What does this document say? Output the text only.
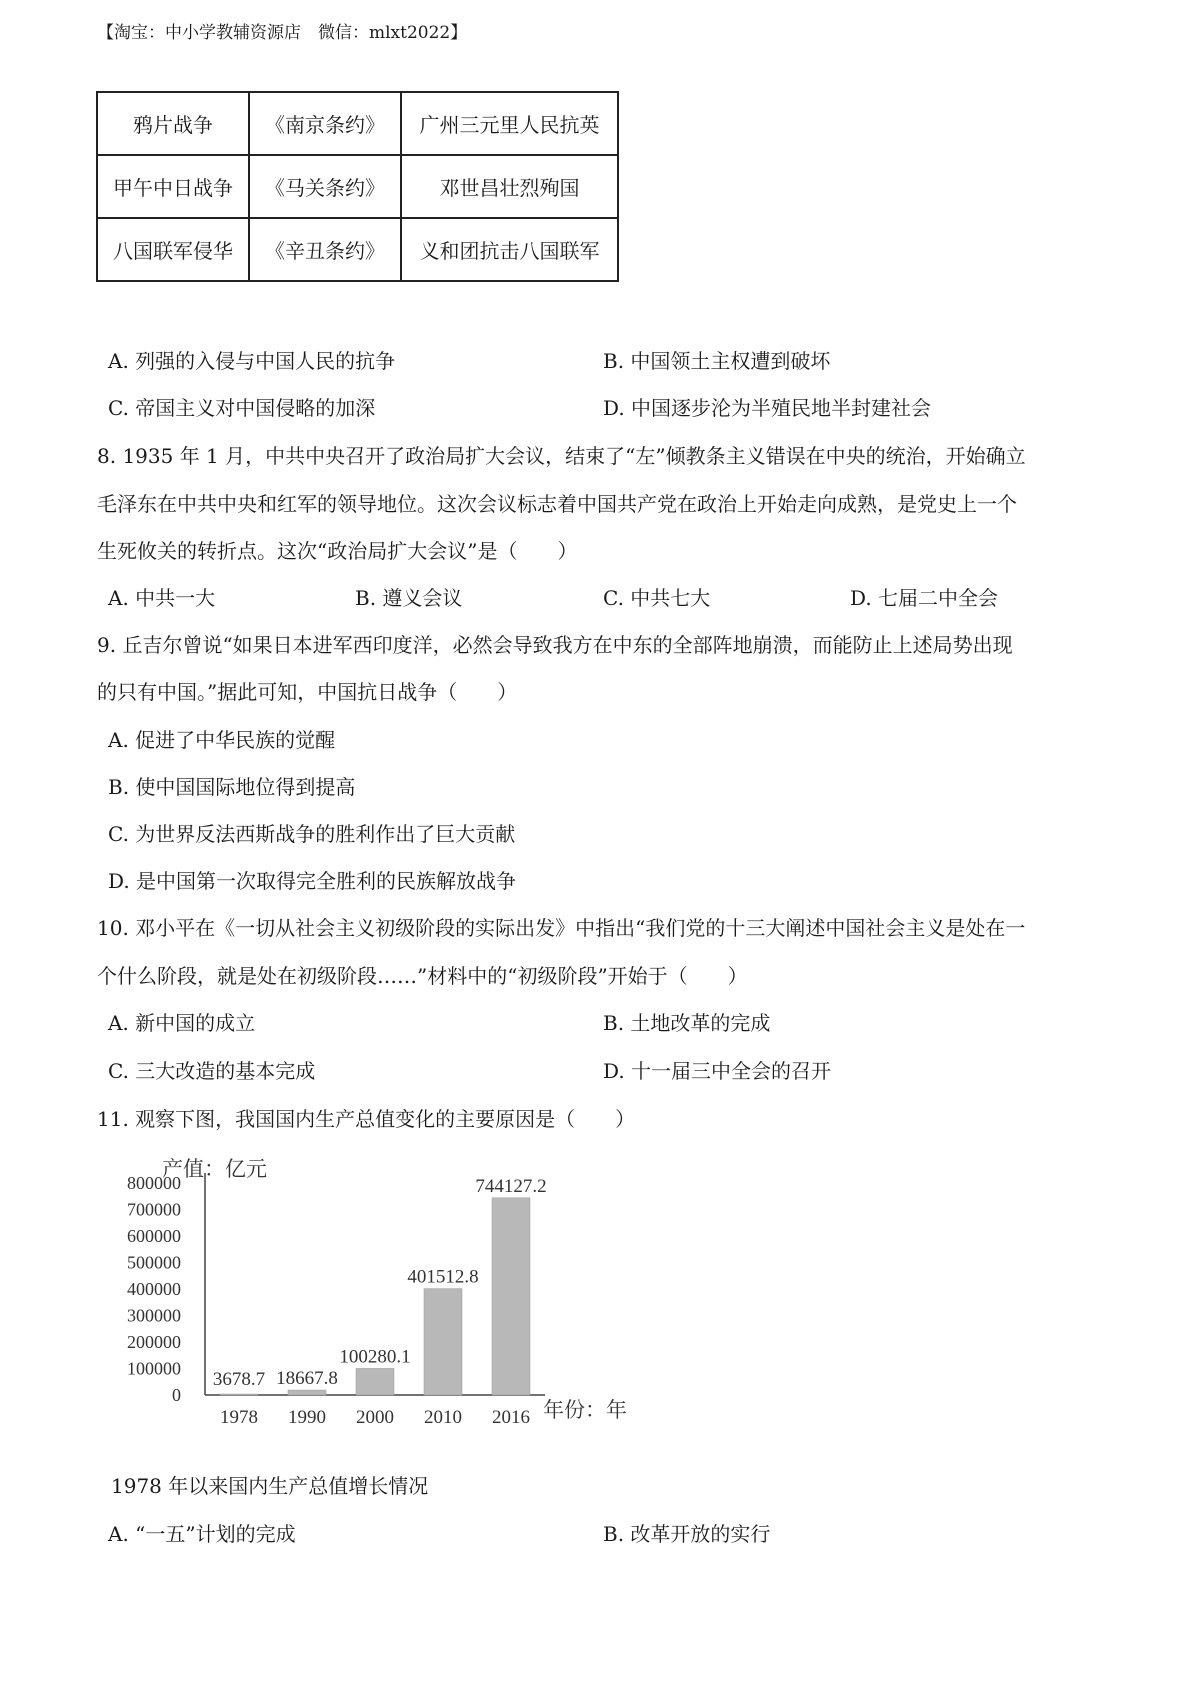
【淘宝：中小学教辅资源店　微信：mlxt2022】
鸦片战争	《南京条约》	广州三元里人民抗英
甲午中日战争	《马关条约》	邓世昌壮烈殉国
八国联军侵华	《辛丑条约》	义和团抗击八国联军
A. 列强的入侵与中国人民的抗争	B. 中国领土主权遭到破坏
C. 帝国主义对中国侵略的加深	D. 中国逐步沦为半殖民地半封建社会
8. 1935 年 1 月，中共中央召开了政治局扩大会议，结束了“左”倾教条主义错误在中央的统治，开始确立
毛泽东在中共中央和红军的领导地位。这次会议标志着中国共产党在政治上开始走向成熟，是党史上一个
生死攸关的转折点。这次“政治局扩大会议”是（　　）
A. 中共一大	B. 遵义会议	C. 中共七大	D. 七届二中全会
9. 丘吉尔曾说“如果日本进军西印度洋，必然会导致我方在中东的全部阵地崩溃，而能防止上述局势出现
的只有中国。”据此可知，中国抗日战争（　　）
A. 促进了中华民族的觉醒
B. 使中国国际地位得到提高
C. 为世界反法西斯战争的胜利作出了巨大贡献
D. 是中国第一次取得完全胜利的民族解放战争
10. 邓小平在《一切从社会主义初级阶段的实际出发》中指出“我们党的十三大阐述中国社会主义是处在一
个什么阶段，就是处在初级阶段……”材料中的“初级阶段”开始于（　　）
A. 新中国的成立	B. 土地改革的完成
C. 三大改造的基本完成	D. 十一届三中全会的召开
11. 观察下图，我国国内生产总值变化的主要原因是（　　）
产值：亿元
0
100000
200000
300000
400000
500000
600000
700000
800000
3678.7
1978
18667.8
1990
100280.1
2000
401512.8
2010
744127.2
2016 年份：年
1978 年以来国内生产总值增长情况
A. “一五”计划的完成	B. 改革开放的实行
